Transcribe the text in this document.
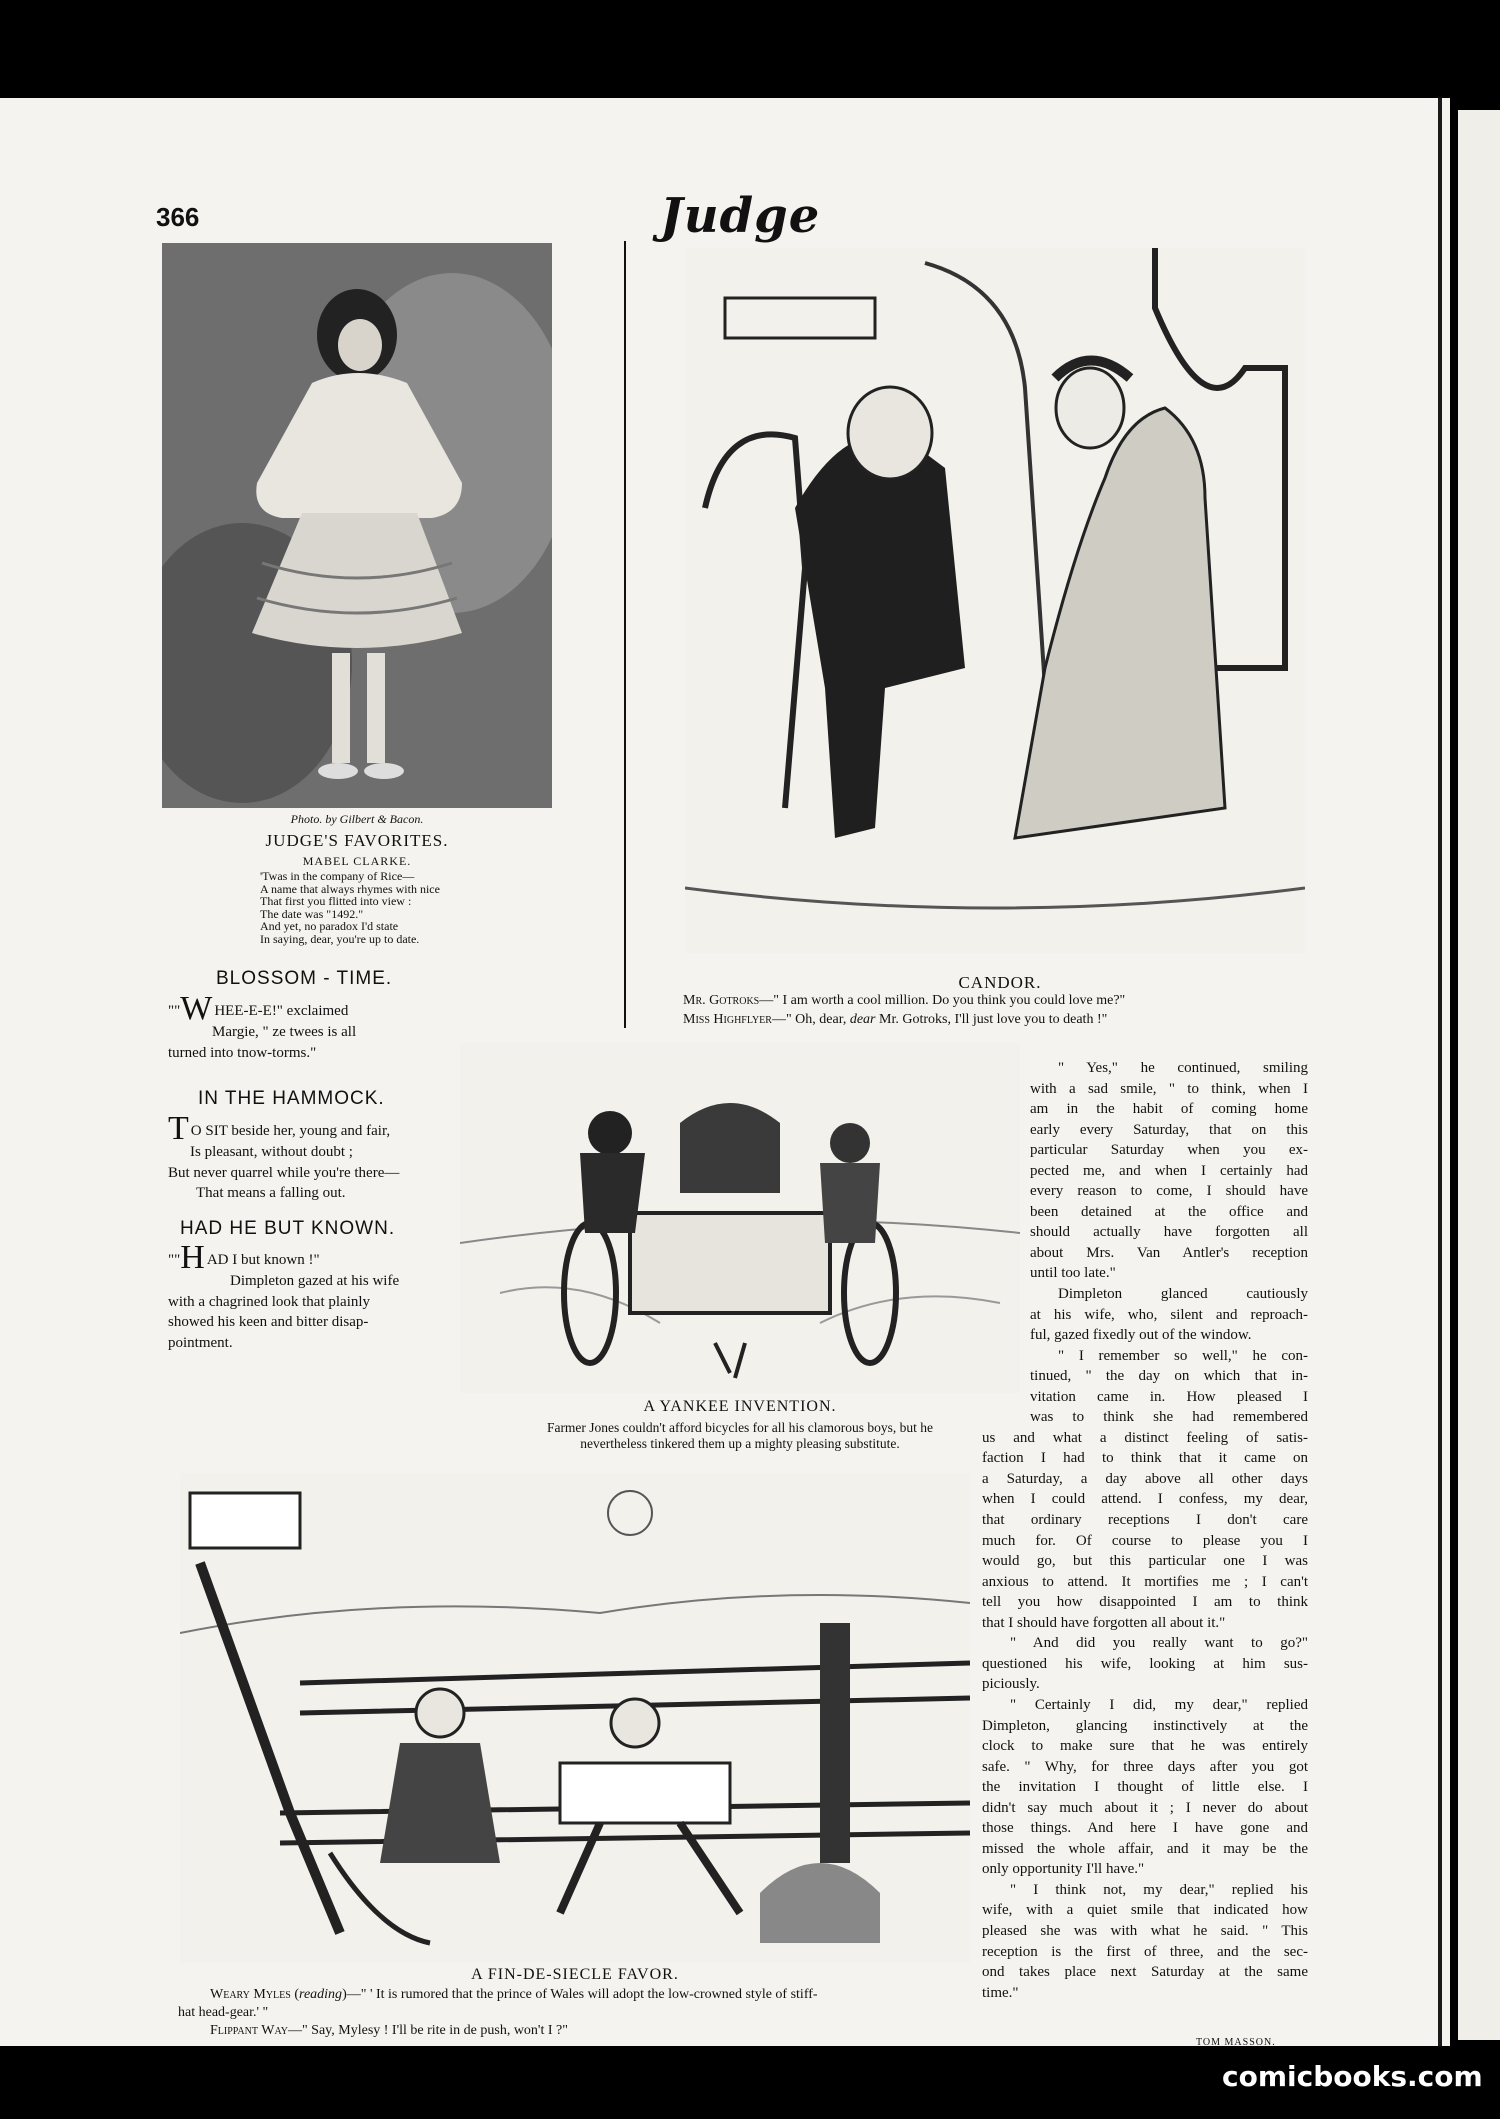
366	Judge
Photo. by Gilbert & Bacon.
JUDGE'S FAVORITES.
MABEL CLARKE.
'Twas in the company of Rice—
A name that always rhymes with nice
That first you flitted into view :
The date was "1492."
And yet, no paradox I'd state
In saying, dear, you're up to date.
CANDOR.
Mr. Gotroks—" I am worth a cool million. Do you think you could love me?"
Miss Highflyer—" Oh, dear, dear Mr. Gotroks, I'll just love you to death !"
BLOSSOM - TIME.
""W HEE-E-E!" exclaimed
Margie, " ze twees is all
turned into tnow-torms."
IN THE HAMMOCK.
T O SIT beside her, young and fair,
Is pleasant, without doubt ;
But never quarrel while you're there—
That means a falling out.
HAD HE BUT KNOWN.
""H AD I but known !"
Dimpleton gazed at his wife
with a chagrined look that plainly
showed his keen and bitter disap-
pointment.
A YANKEE INVENTION.
Farmer Jones couldn't afford bicycles for all his clamorous boys, but he
nevertheless tinkered them up a mighty pleasing substitute.
A FIN-DE-SIECLE FAVOR.
Weary Myles (reading)—" ' It is rumored that the prince of Wales will adopt the low-crowned style of stiff-
hat head-gear.' "
Flippant Way—" Say, Mylesy ! I'll be rite in de push, won't I ?"
" Yes," he continued, smiling
with a sad smile, " to think, when I
am in the habit of coming home
early every Saturday, that on this
particular Saturday when you ex-
pected me, and when I certainly had
every reason to come, I should have
been detained at the office and
should actually have forgotten all
about Mrs. Van Antler's reception
until too late."
Dimpleton glanced cautiously
at his wife, who, silent and reproach-
ful, gazed fixedly out of the window.
" I remember so well," he con-
tinued, " the day on which that in-
vitation came in. How pleased I
was to think she had remembered
us and what a distinct feeling of satis-
faction I had to think that it came on
a Saturday, a day above all other days
when I could attend. I confess, my dear,
that ordinary receptions I don't care
much for. Of course to please you I
would go, but this particular one I was
anxious to attend. It mortifies me ; I can't
tell you how disappointed I am to think
that I should have forgotten all about it."
" And did you really want to go?"
questioned his wife, looking at him sus-
piciously.
" Certainly I did, my dear," replied
Dimpleton, glancing instinctively at the
clock to make sure that he was entirely
safe. " Why, for three days after you got
the invitation I thought of little else. I
didn't say much about it ; I never do about
those things. And here I have gone and
missed the whole affair, and it may be the
only opportunity I'll have."
" I think not, my dear," replied his
wife, with a quiet smile that indicated how
pleased she was with what he said. " This
reception is the first of three, and the sec-
ond takes place next Saturday at the same
time."
TOM MASSON.
comicbooks.com
